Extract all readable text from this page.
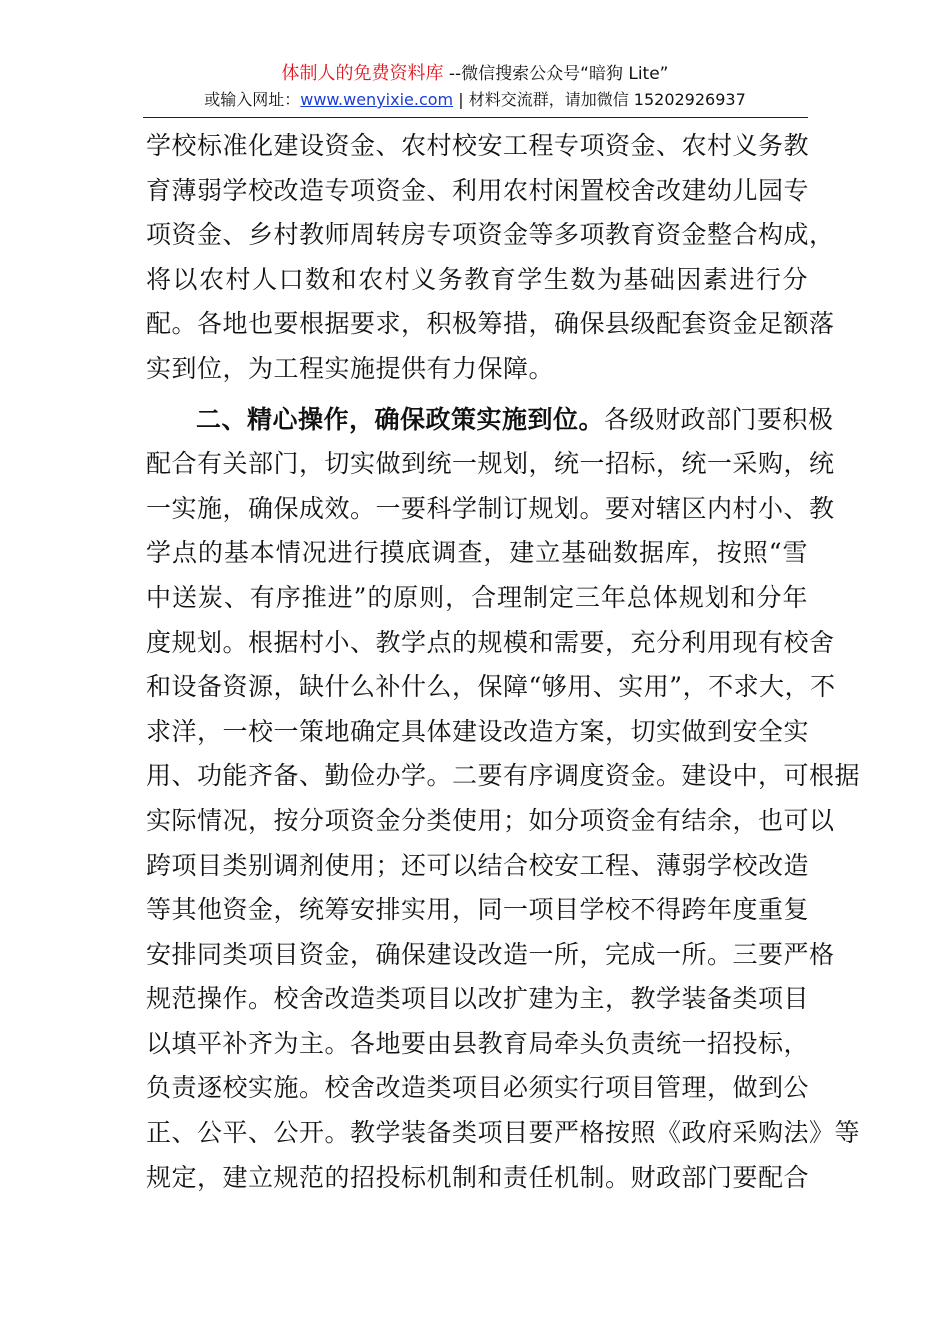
体制人的免费资料库 --微信搜索公众号“暗狗 Lite”
或输入网址：www.wenyixie.com | 材料交流群，请加微信 15202926937
学校标准化建设资金、农村校安工程专项资金、农村义务教
育薄弱学校改造专项资金、利用农村闲置校舍改建幼儿园专
项资金、乡村教师周转房专项资金等多项教育资金整合构成，
将以农村人口数和农村义务教育学生数为基础因素进行分
配。各地也要根据要求，积极筹措，确保县级配套资金足额落
实到位，为工程实施提供有力保障。
二、精心操作，确保政策实施到位。各级财政部门要积极
配合有关部门，切实做到统一规划，统一招标，统一采购，统
一实施，确保成效。一要科学制订规划。要对辖区内村小、教
学点的基本情况进行摸底调查，建立基础数据库，按照“雪
中送炭、有序推进”的原则，合理制定三年总体规划和分年
度规划。根据村小、教学点的规模和需要，充分利用现有校舍
和设备资源，缺什么补什么，保障“够用、实用”，不求大，不
求洋，一校一策地确定具体建设改造方案，切实做到安全实
用、功能齐备、勤俭办学。二要有序调度资金。建设中，可根据
实际情况，按分项资金分类使用；如分项资金有结余，也可以
跨项目类别调剂使用；还可以结合校安工程、薄弱学校改造
等其他资金，统筹安排实用，同一项目学校不得跨年度重复
安排同类项目资金，确保建设改造一所，完成一所。三要严格
规范操作。校舍改造类项目以改扩建为主，教学装备类项目
以填平补齐为主。各地要由县教育局牵头负责统一招投标，
负责逐校实施。校舍改造类项目必须实行项目管理，做到公
正、公平、公开。教学装备类项目要严格按照《政府采购法》等
规定，建立规范的招投标机制和责任机制。财政部门要配合
